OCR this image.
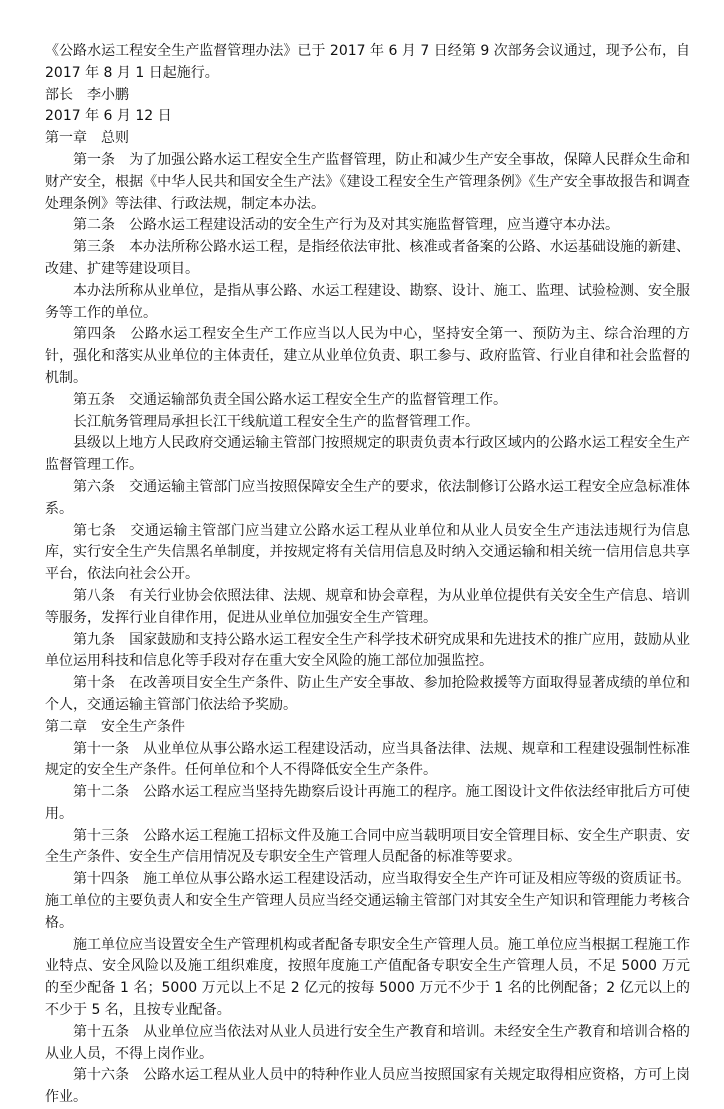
《公路水运工程安全生产监督管理办法》已于 2017 年 6 月 7 日经第 9 次部务会议通过，现予公布，自 2017 年 8 月 1 日起施行。

部长　李小鹏

2017 年 6 月 12 日

第一章　总则

第一条　为了加强公路水运工程安全生产监督管理，防止和减少生产安全事故，保障人民群众生命和财产安全，根据《中华人民共和国安全生产法》《建设工程安全生产管理条例》《生产安全事故报告和调查处理条例》等法律、行政法规，制定本办法。

第二条　公路水运工程建设活动的安全生产行为及对其实施监督管理，应当遵守本办法。

第三条　本办法所称公路水运工程，是指经依法审批、核准或者备案的公路、水运基础设施的新建、改建、扩建等建设项目。

本办法所称从业单位，是指从事公路、水运工程建设、勘察、设计、施工、监理、试验检测、安全服务等工作的单位。

第四条　公路水运工程安全生产工作应当以人民为中心，坚持安全第一、预防为主、综合治理的方针，强化和落实从业单位的主体责任，建立从业单位负责、职工参与、政府监管、行业自律和社会监督的机制。

第五条　交通运输部负责全国公路水运工程安全生产的监督管理工作。

长江航务管理局承担长江干线航道工程安全生产的监督管理工作。

县级以上地方人民政府交通运输主管部门按照规定的职责负责本行政区域内的公路水运工程安全生产监督管理工作。

第六条　交通运输主管部门应当按照保障安全生产的要求，依法制修订公路水运工程安全应急标准体系。

第七条　交通运输主管部门应当建立公路水运工程从业单位和从业人员安全生产违法违规行为信息库，实行安全生产失信黑名单制度，并按规定将有关信用信息及时纳入交通运输和相关统一信用信息共享平台，依法向社会公开。

第八条　有关行业协会依照法律、法规、规章和协会章程，为从业单位提供有关安全生产信息、培训等服务，发挥行业自律作用，促进从业单位加强安全生产管理。

第九条　国家鼓励和支持公路水运工程安全生产科学技术研究成果和先进技术的推广应用，鼓励从业单位运用科技和信息化等手段对存在重大安全风险的施工部位加强监控。

第十条　在改善项目安全生产条件、防止生产安全事故、参加抢险救援等方面取得显著成绩的单位和个人，交通运输主管部门依法给予奖励。

第二章　安全生产条件

第十一条　从业单位从事公路水运工程建设活动，应当具备法律、法规、规章和工程建设强制性标准规定的安全生产条件。任何单位和个人不得降低安全生产条件。

第十二条　公路水运工程应当坚持先勘察后设计再施工的程序。施工图设计文件依法经审批后方可使用。

第十三条　公路水运工程施工招标文件及施工合同中应当载明项目安全管理目标、安全生产职责、安全生产条件、安全生产信用情况及专职安全生产管理人员配备的标准等要求。

第十四条　施工单位从事公路水运工程建设活动，应当取得安全生产许可证及相应等级的资质证书。施工单位的主要负责人和安全生产管理人员应当经交通运输主管部门对其安全生产知识和管理能力考核合格。

施工单位应当设置安全生产管理机构或者配备专职安全生产管理人员。施工单位应当根据工程施工作业特点、安全风险以及施工组织难度，按照年度施工产值配备专职安全生产管理人员，不足 5000 万元的至少配备 1 名；5000 万元以上不足 2 亿元的按每 5000 万元不少于 1 名的比例配备；2 亿元以上的不少于 5 名，且按专业配备。

第十五条　从业单位应当依法对从业人员进行安全生产教育和培训。未经安全生产教育和培训合格的从业人员，不得上岗作业。

第十六条　公路水运工程从业人员中的特种作业人员应当按照国家有关规定取得相应资格，方可上岗作业。
